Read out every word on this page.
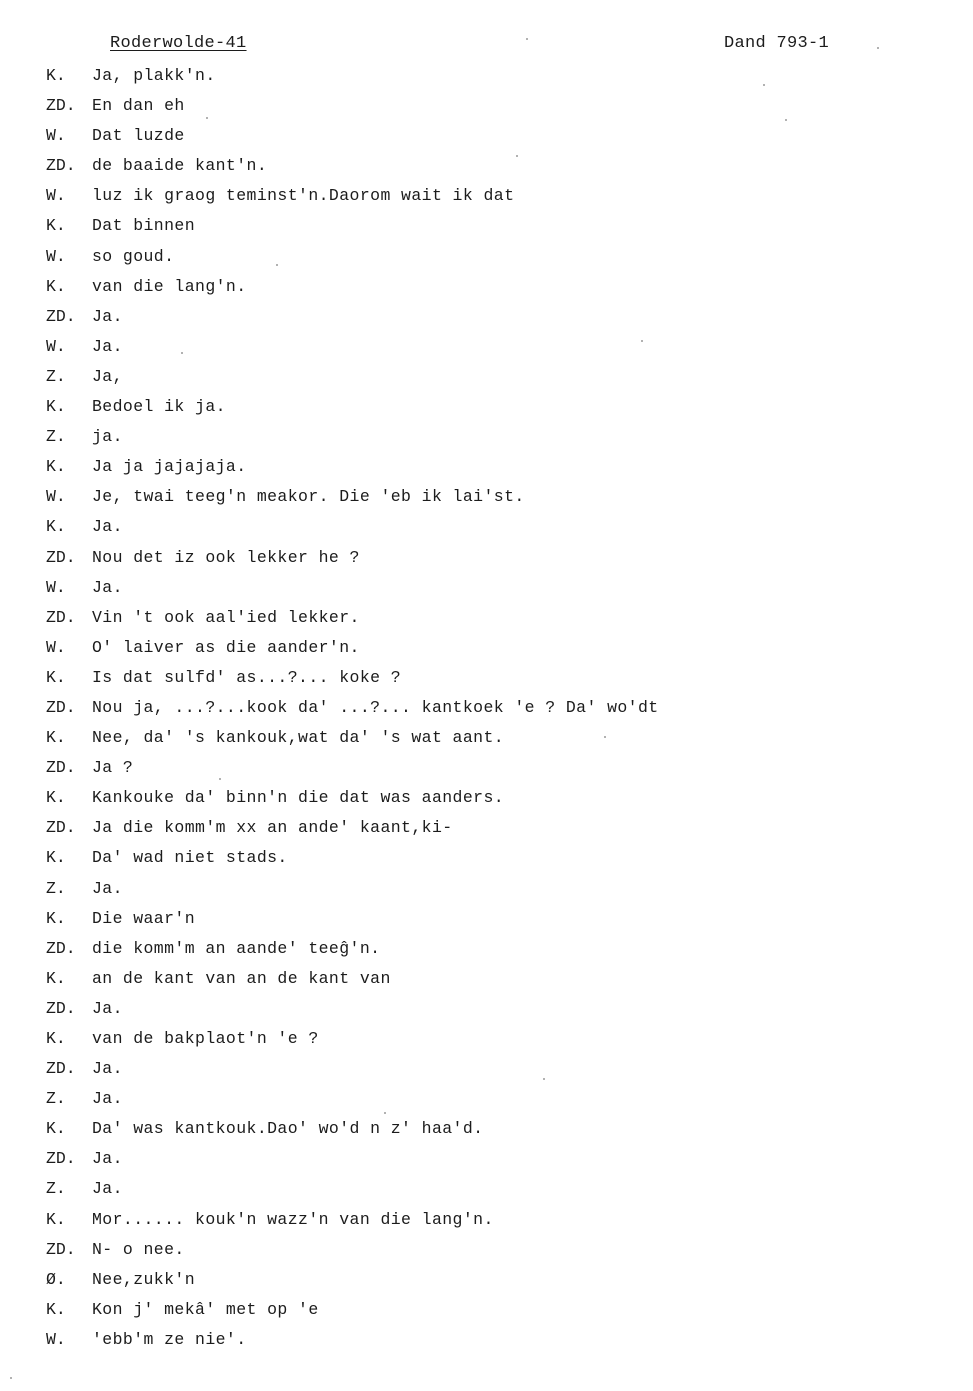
Roderwolde-41	Dand 793-1
K.	Ja, plakk'n.
ZD. En dan eh
W.	Dat luzde
ZD. de baaide kant'n.
W.	luz ik graog teminst'n.Daorom wait ik dat
K.	Dat binnen
W.	so goud.
K.	van die lang'n.
ZD. Ja.
W.	Ja.
Z.	Ja,
K.	Bedoel ik ja.
Z.	ja.
K.	Ja ja jajajaja.
W.	Je, twai teeg'n meakor. Die 'eb ik lai'st.
K.	Ja.
ZD. Nou det iz ook lekker he ?
W.	Ja.
ZD. Vin 't ook aal'ied lekker.
W.	O' laiver as die aander'n.
K.	Is dat sulfd' as...?... koke ?
ZD. Nou ja, ...?...kook da' ...?... kantkoek 'e ? Da' wo'dt
K.	Nee, da' 's kankouk,wat da' 's wat aant.
ZD. Ja ?
K.	Kankouke da' binn'n die dat was aanders.
ZD. Ja die komm'm xx an ande' kaant,ki-
K.	Da' wad niet stads.
Z.	Ja.
K.	Die waar'n
ZD. die komm'm an aande' teeĝ'n.
K.	an de kant van an de kant van
ZD. Ja.
K.	van de bakplaot'n 'e ?
ZD. Ja.
Z.	Ja.
K.	Da' was kantkouk.Dao' wo'd n z' haa'd.
ZD. Ja.
Z.	Ja.
K.	Mor...... kouk'n wazz'n van die lang'n.
ZD. N- o nee.
Ø.	Nee,zukk'n
K.	Kon j' mekâ' met op 'e
W.	'ebb'm ze nie'.
